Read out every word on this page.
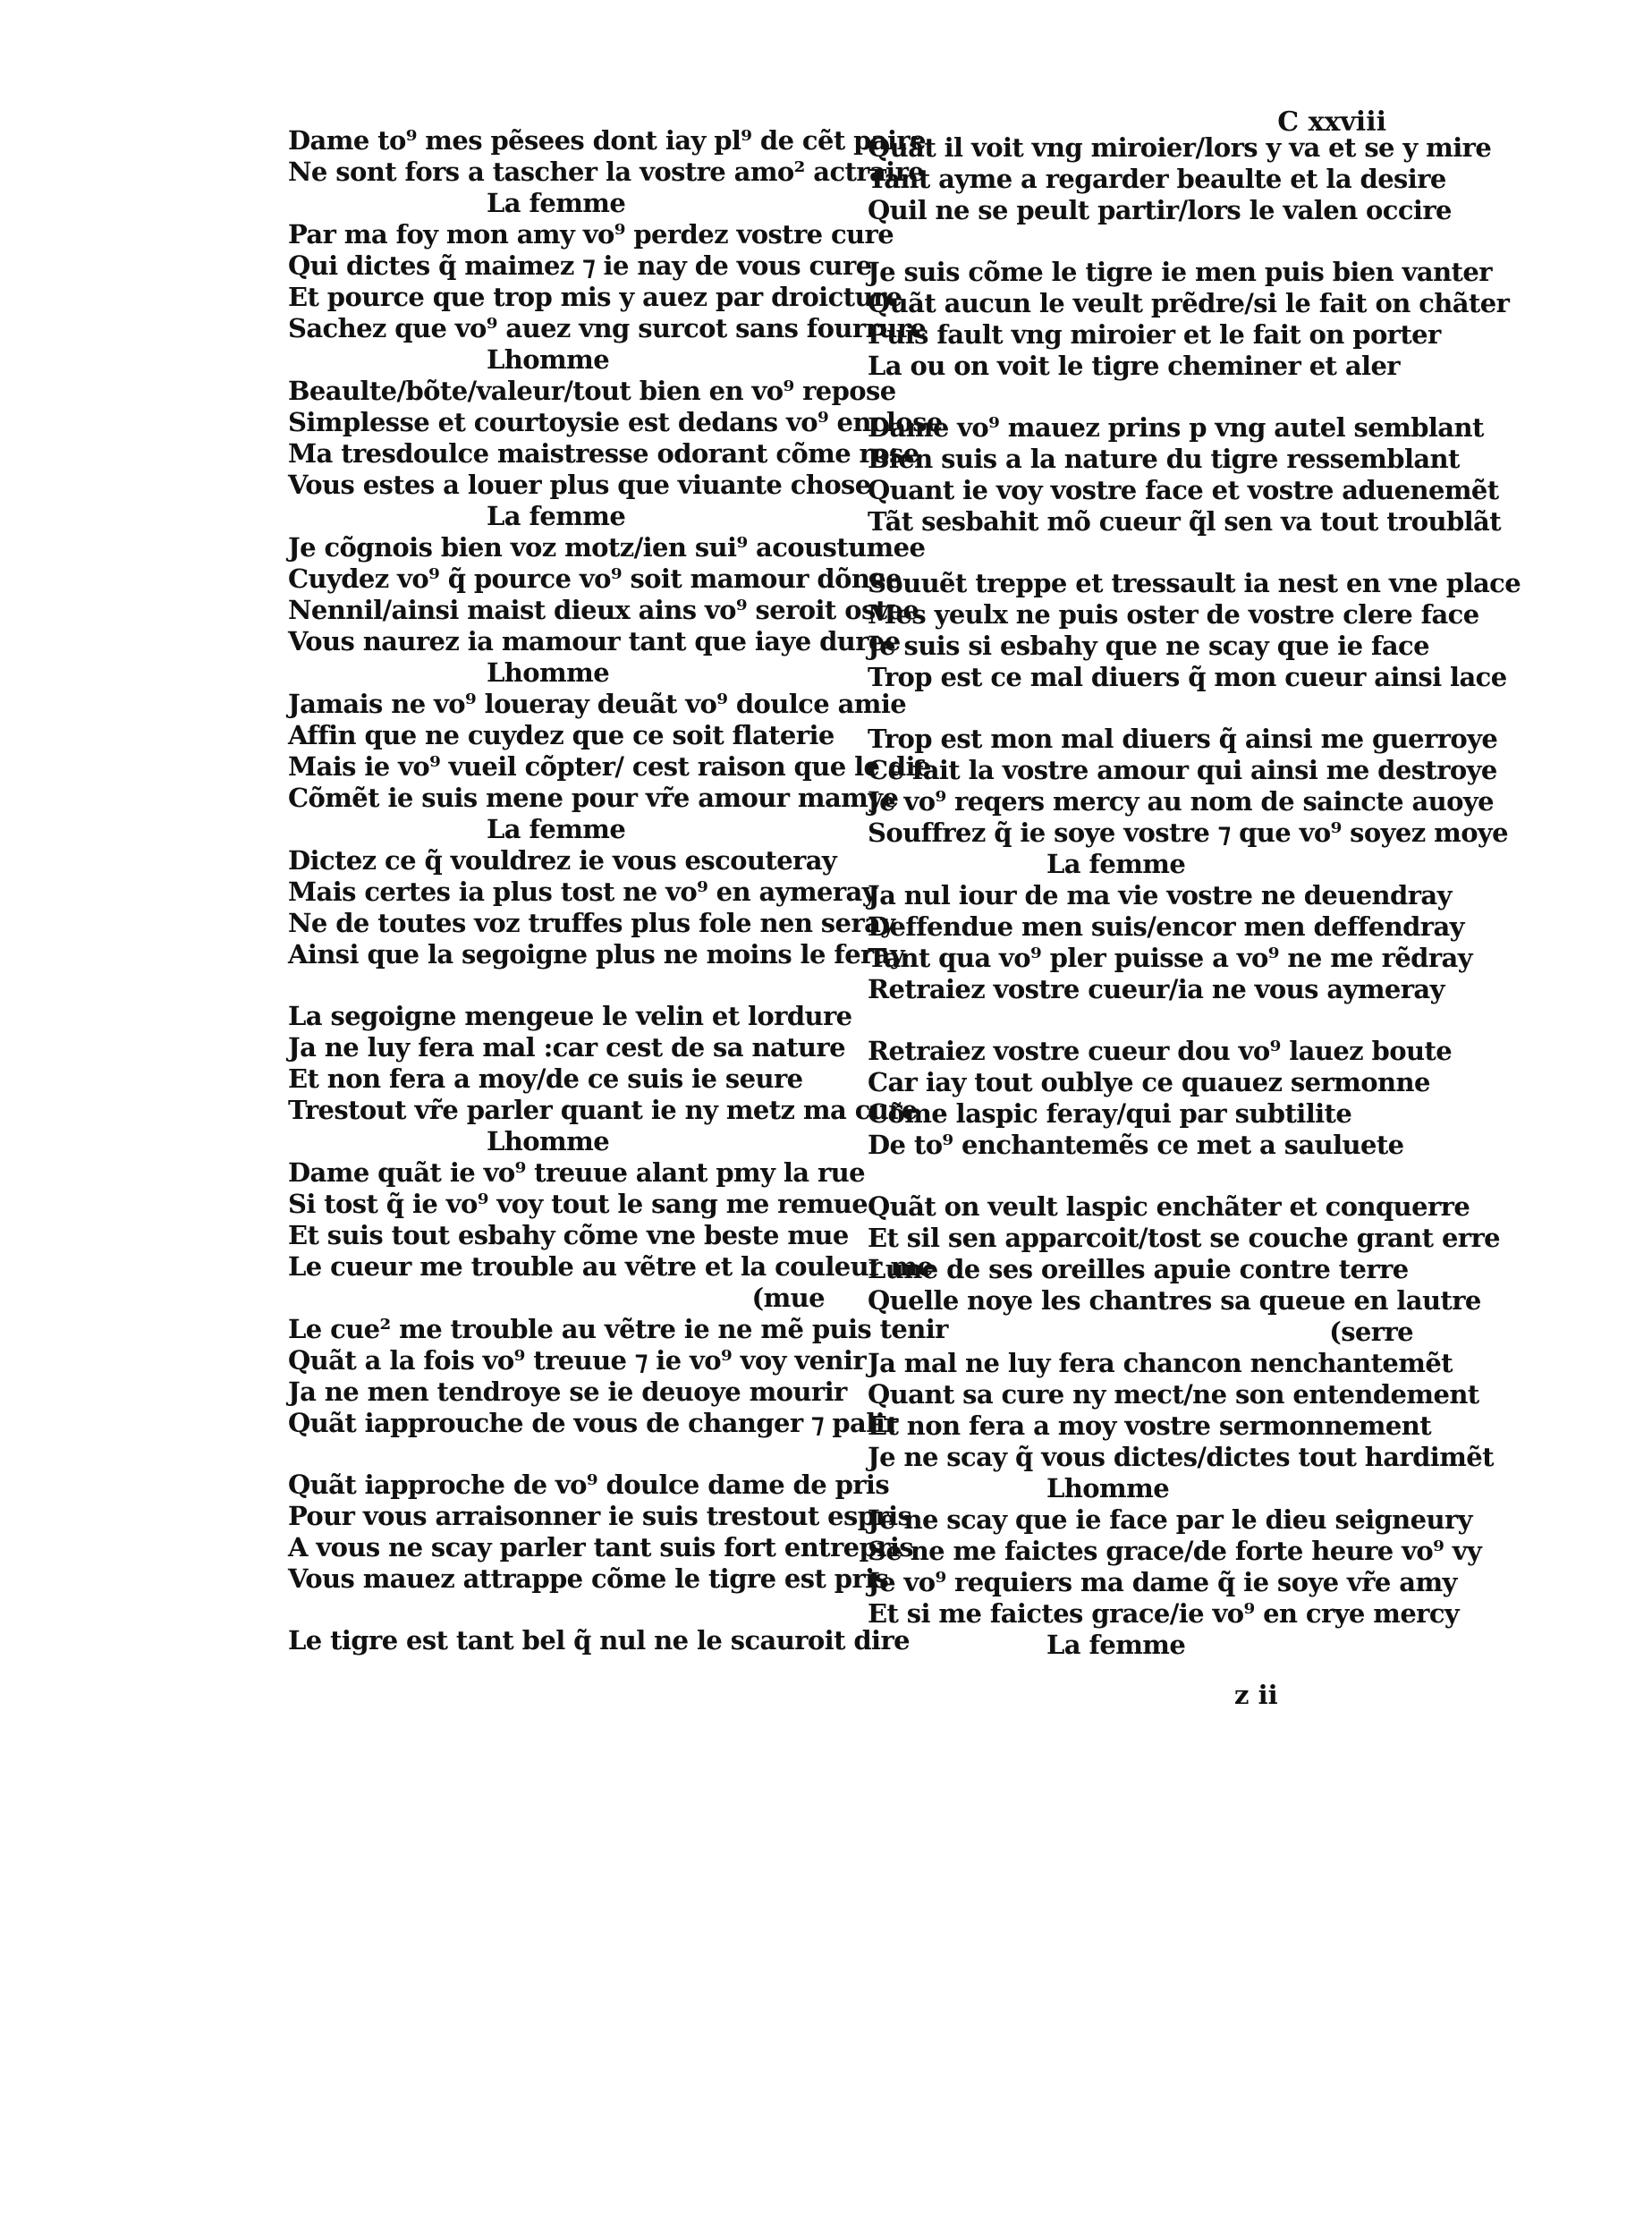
C xxviii
Dame to⁹ mes pẽsees dont iay pl⁹ de cẽt paire
Ne sont fors a tascher la vostre amo² actraire
La femme
Par ma foy mon amy vo⁹ perdez vostre cure
Qui dictes q̃ maimez ⁊ ie nay de vous cure
Et pource que trop mis y auez par droicture
Sachez que vo⁹ auez vng surcot sans fourrure
Lhomme
Beaulte/bõte/valeur/tout bien en vo⁹ repose
Simplesse et courtoysie est dedans vo⁹ enclose
Ma tresdoulce maistresse odorant cõme rose
Vous estes a louer plus que viuante chose
La femme
Je cõgnois bien voz motz/ien sui⁹ acoustumee
Cuydez vo⁹ q̃ pource vo⁹ soit mamour dõnee
Nennil/ainsi maist dieux ains vo⁹ seroit ostee
Vous naurez ia mamour tant que iaye duree
Lhomme
Jamais ne vo⁹ loueray deuãt vo⁹ doulce amie
Affin que ne cuydez que ce soit flaterie
Mais ie vo⁹ vueil cõpter/ cest raison que le die
Cõmẽt ie suis mene pour vr̃e amour mamye
La femme
Dictez ce q̃ vouldrez ie vous escouteray
Mais certes ia plus tost ne vo⁹ en aymeray
Ne de toutes voz truffes plus fole nen seray
Ainsi que la segoigne plus ne moins le feray
La segoigne mengeue le velin et lordure
Ja ne luy fera mal :car cest de sa nature
Et non fera a moy/de ce suis ie seure
Trestout vr̃e parler quant ie ny metz ma cure
Lhomme
Dame quãt ie vo⁹ treuue alant pmy la rue
Si tost q̃ ie vo⁹ voy tout le sang me remue
Et suis tout esbahy cõme vne beste mue
Le cueur me trouble au vẽtre et la couleur me
(mue
Le cue² me trouble au vẽtre ie ne mẽ puis tenir
Quãt a la fois vo⁹ treuue ⁊ ie vo⁹ voy venir
Ja ne men tendroye se ie deuoye mourir
Quãt iapprouche de vous de changer ⁊ palir
Quãt iapproche de vo⁹ doulce dame de pris
Pour vous arraisonner ie suis trestout espris
A vous ne scay parler tant suis fort entrepris
Vous mauez attrappe cõme le tigre est pris
Le tigre est tant bel q̃ nul ne le scauroit dire
Quãt il voit vng miroier/lors y va et se y mire
Tant ayme a regarder beaulte et la desire
Quil ne se peult partir/lors le valen occire
Je suis cõme le tigre ie men puis bien vanter
Quãt aucun le veult prẽdre/si le fait on chãter
Puis fault vng miroier et le fait on porter
La ou on voit le tigre cheminer et aler
Dame vo⁹ mauez prins p vng autel semblant
Bien suis a la nature du tigre ressemblant
Quant ie voy vostre face et vostre aduenemẽt
Tãt sesbahit mõ cueur q̃l sen va tout troublãt
Souuẽt treppe et tressault ia nest en vne place
Mes yeulx ne puis oster de vostre clere face
Je suis si esbahy que ne scay que ie face
Trop est ce mal diuers q̃ mon cueur ainsi lace
Trop est mon mal diuers q̃ ainsi me guerroye
Ce fait la vostre amour qui ainsi me destroye
Je vo⁹ reqers mercy au nom de saincte auoye
Souffrez q̃ ie soye vostre ⁊ que vo⁹ soyez moye
La femme
Ja nul iour de ma vie vostre ne deuendray
Deffendue men suis/encor men deffendray
Tant qua vo⁹ pler puisse a vo⁹ ne me rẽdray
Retraiez vostre cueur/ia ne vous aymeray
Retraiez vostre cueur dou vo⁹ lauez boute
Car iay tout oublye ce quauez sermonne
Cõme laspic feray/qui par subtilite
De to⁹ enchantemẽs ce met a sauluete
Quãt on veult laspic enchãter et conquerre
Et sil sen apparcoit/tost se couche grant erre
Lune de ses oreilles apuie contre terre
Quelle noye les chantres sa queue en lautre
(serre
Ja mal ne luy fera chancon nenchantemẽt
Quant sa cure ny mect/ne son entendement
Et non fera a moy vostre sermonnement
Je ne scay q̃ vous dictes/dictes tout hardimẽt
Lhomme
Je ne scay que ie face par le dieu seigneury
Se ne me faictes grace/de forte heure vo⁹ vy
Je vo⁹ requiers ma dame q̃ ie soye vr̃e amy
Et si me faictes grace/ie vo⁹ en crye mercy
La femme
z ii
